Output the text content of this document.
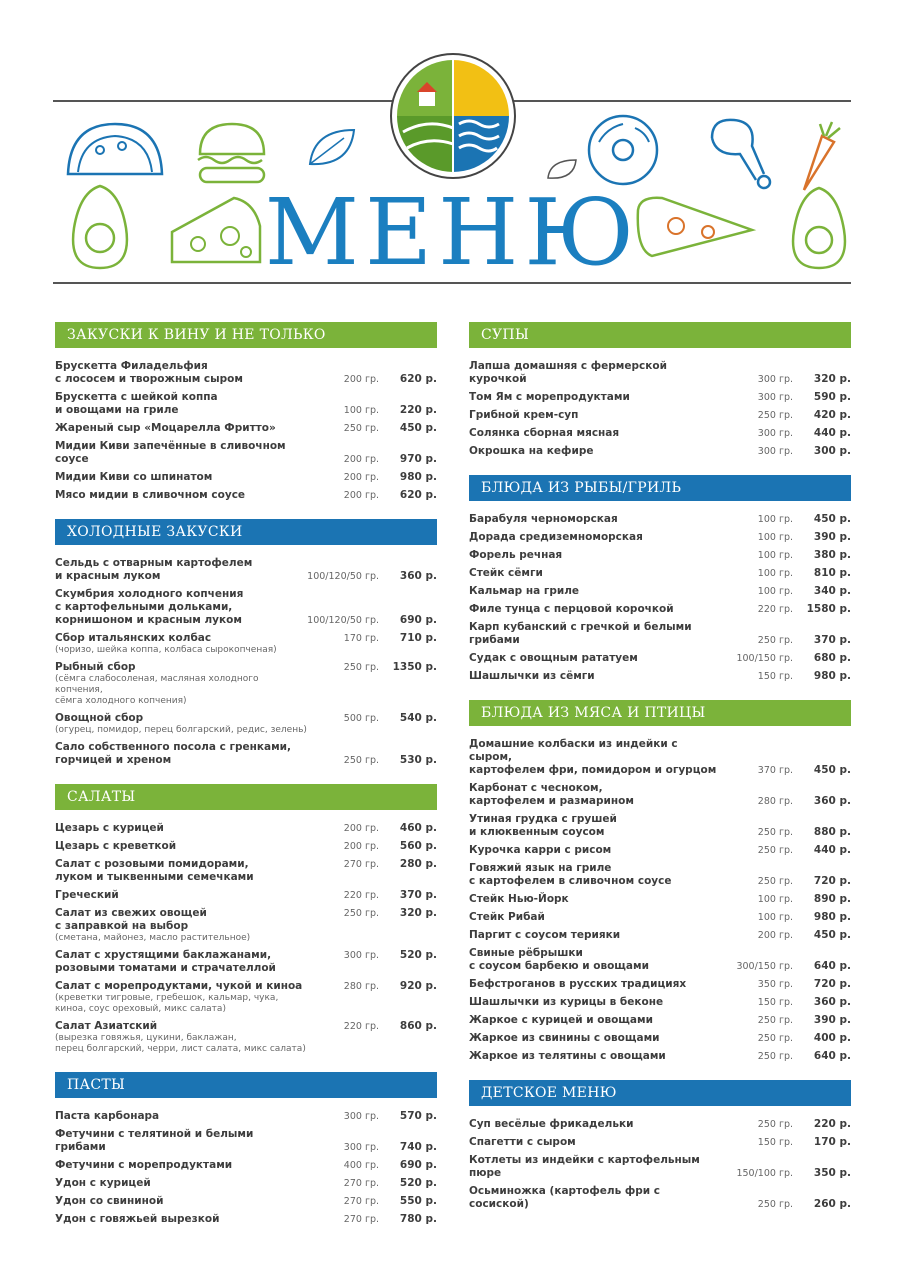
МЕНЮ
ЗАКУСКИ К ВИНУ И НЕ ТОЛЬКО
Брускетта Филадельфия
с лососем и творожным сыром	200 гр.	620 р.
Брускетта с шейкой коппа
и овощами на гриле	100 гр.	220 р.
Жареный сыр «Моцарелла Фритто»	250 гр.	450 р.
Мидии Киви запечённые в сливочном соусе	200 гр.	970 р.
Мидии Киви со шпинатом	200 гр.	980 р.
Мясо мидии в сливочном соусе	200 гр.	620 р.
ХОЛОДНЫЕ ЗАКУСКИ
Сельдь с отварным картофелем
и красным луком	100/120/50 гр.	360 р.
Скумбрия холодного копчения
с картофельными дольками,
корнишоном и красным луком	100/120/50 гр.	690 р.
Сбор итальянских колбас
(чоризо, шейка коппа, колбаса сырокопченая)
170 гр.	710 р.
Рыбный сбор
(сёмга слабосоленая, масляная холодного копчения,
сёмга холодного копчения)
250 гр.	1350 р.
Овощной сбор
(огурец, помидор, перец болгарский, редис, зелень)
500 гр.	540 р.
Сало собственного посола с гренками,
горчицей и хреном	250 гр.	530 р.
САЛАТЫ
Цезарь с курицей	200 гр.	460 р.
Цезарь с креветкой	200 гр.	560 р.
Салат с розовыми помидорами,
луком и тыквенными семечками
270 гр.	280 р.
Греческий	220 гр.	370 р.
Салат из свежих овощей
с заправкой на выбор
(сметана, майонез, масло растительное)
250 гр.	320 р.
Салат с хрустящими баклажанами,
розовыми томатами и страчателлой
300 гр.	520 р.
Салат с морепродуктами, чукой и киноа
(креветки тигровые, гребешок, кальмар, чука,
киноа, соус ореховый, микс салата)
280 гр.	920 р.
Салат Азиатский
(вырезка говяжья, цукини, баклажан,
перец болгарский, черри, лист салата, микс салата)
220 гр.	860 р.
ПАСТЫ
Паста карбонара	300 гр.	570 р.
Фетучини с телятиной и белыми грибами	300 гр.	740 р.
Фетучини с морепродуктами	400 гр.	690 р.
Удон с курицей	270 гр.	520 р.
Удон со свининой	270 гр.	550 р.
Удон с говяжьей вырезкой	270 гр.	780 р.
СУПЫ
Лапша домашняя с фермерской курочкой	300 гр.	320 р.
Том Ям с морепродуктами	300 гр.	590 р.
Грибной крем-суп	250 гр.	420 р.
Солянка сборная мясная	300 гр.	440 р.
Окрошка на кефире	300 гр.	300 р.
БЛЮДА ИЗ РЫБЫ/ГРИЛЬ
Барабуля черноморская	100 гр.	450 р.
Дорада средиземноморская	100 гр.	390 р.
Форель речная	100 гр.	380 р.
Стейк сёмги	100 гр.	810 р.
Кальмар на гриле	100 гр.	340 р.
Филе тунца с перцовой корочкой	220 гр.	1580 р.
Карп кубанский с гречкой и белыми грибами	250 гр.	370 р.
Судак с овощным рататуем	100/150 гр.	680 р.
Шашлычки из сёмги	150 гр.	980 р.
БЛЮДА ИЗ МЯСА И ПТИЦЫ
Домашние колбаски из индейки с сыром,
картофелем фри, помидором и огурцом	370 гр.	450 р.
Карбонат с чесноком,
картофелем и размарином	280 гр.	360 р.
Утиная грудка с грушей
и клюквенным соусом	250 гр.	880 р.
Курочка карри с рисом	250 гр.	440 р.
Говяжий язык на гриле
с картофелем в сливочном соусе	250 гр.	720 р.
Стейк Нью-Йорк	100 гр.	890 р.
Стейк Рибай	100 гр.	980 р.
Паргит с соусом терияки	200 гр.	450 р.
Свиные рёбрышки
с соусом барбекю и овощами	300/150 гр.	640 р.
Бефстроганов в русских традициях	350 гр.	720 р.
Шашлычки из курицы в беконе	150 гр.	360 р.
Жаркое с курицей и овощами	250 гр.	390 р.
Жаркое из свинины с овощами	250 гр.	400 р.
Жаркое из телятины с овощами	250 гр.	640 р.
ДЕТСКОЕ МЕНЮ
Суп весёлые фрикадельки	250 гр.	220 р.
Спагетти с сыром	150 гр.	170 р.
Котлеты из индейки с картофельным пюре	150/100 гр.	350 р.
Осьминожка (картофель фри с сосиской)	250 гр.	260 р.
